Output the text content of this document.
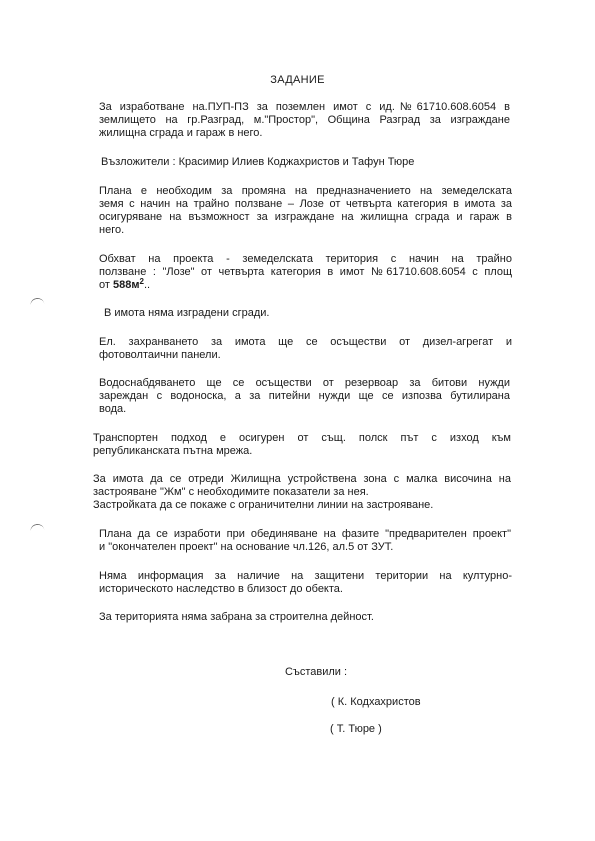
ЗАДАНИЕ
За изработване на.ПУП-ПЗ за поземлен имот с ид.№61710.608.6054 в
землището на гр.Разград, м."Простор", Община Разград за изграждане
жилищна сграда и гараж в него.
Възложители : Красимир Илиев Коджахристов и Тафун Тюре
Плана е необходим за промяна на предназначението на земеделската
земя с начин на трайно ползване – Лозе от четвърта категория в имота за
осигуряване на възможност за изграждане на жилищна сграда и гараж в
него.
Обхват на проекта - земеделската територия с начин на трайно
ползване : "Лозе" от четвърта категория в имот №61710.608.6054 с площ
от $588м^2$..
В имота няма изградени сгради.
Ел. захранването за имота ще се осъществи от дизел-агрегат и
фотоволтаични панели.
Водоснабдяването ще се осъществи от резервоар за битови нужди
зареждан с водоноска, а за питейни нужди ще се изпозва бутилирана
вода.
Транспортен подход е осигурен от същ. полск път с изход към
републиканската пътна мрежа.
За имота да се отреди Жилищна устройствена зона с малка височина на
застрояване "Жм" с необходимите показатели за нея.
Застройката да се покаже с ограничителни линии на застрояване.
Плана да се изработи при обединяване на фазите "предварителен проект"
и "окончателен проект" на основание чл.126, ал.5 от ЗУТ.
Няма информация за наличие на защитени територии на културно-
историческото наследство в близост до обекта.
За територията няма забрана за строителна дейност.
Съставили :
( К. Кодхахристов
( Т. Тюре )
